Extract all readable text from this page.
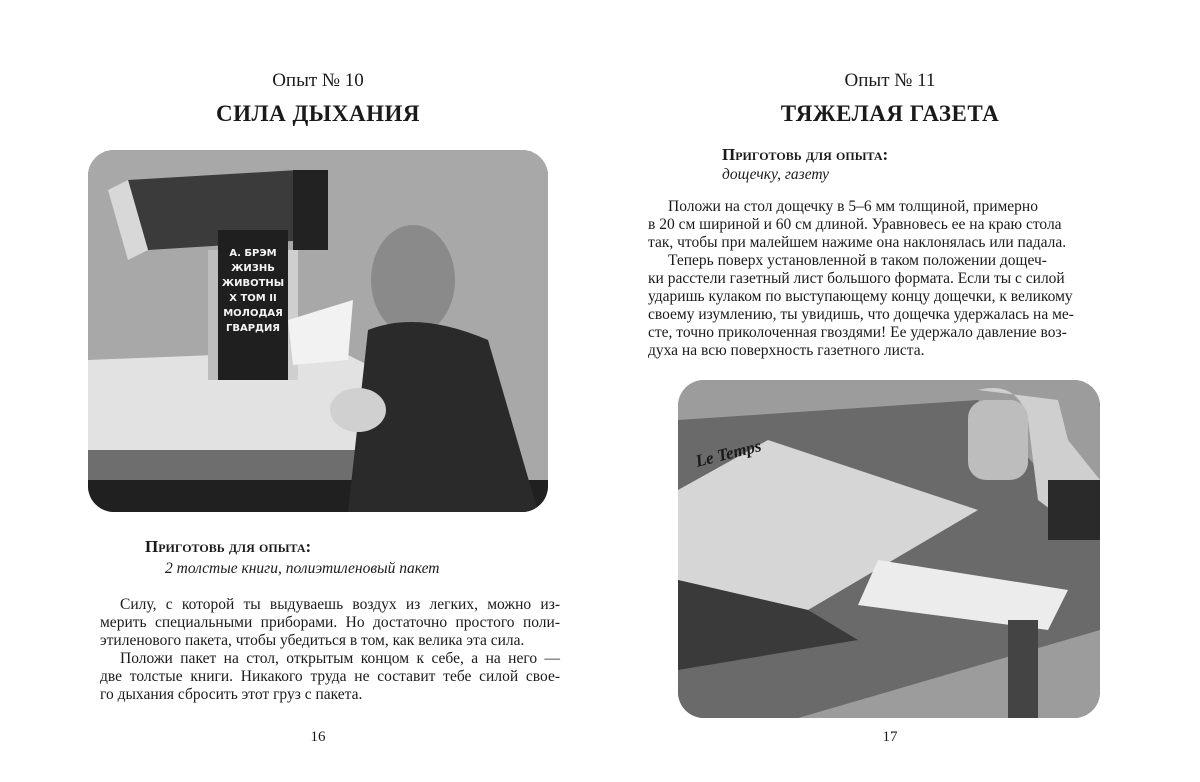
Опыт № 10
СИЛА ДЫХАНИЯ
А. БРЭМ ЖИЗНЬ ЖИВОТНЫХ ТОМ II МОЛОДАЯ ГВАРДИЯ
Приготовь для опыта:
2 толстые книги, полиэтиленовый пакет
Силу, с которой ты выдуваешь воздух из легких, можно из-
мерить специальными приборами. Но достаточно простого поли-
этиленового пакета, чтобы убедиться в том, как велика эта сила.
Положи пакет на стол, открытым концом к себе, а на него —
две толстые книги. Никакого труда не составит тебе силой свое-
го дыхания сбросить этот груз с пакета.
16
Опыт № 11
ТЯЖЕЛАЯ ГАЗЕТА
Приготовь для опыта:
дощечку, газету
Положи на стол дощечку в 5–6 мм толщиной, примерно
в 20 см шириной и 60 см длиной. Уравновесь ее на краю стола
так, чтобы при малейшем нажиме она наклонялась или падала.
Теперь поверх установленной в таком положении дощеч-
ки расстели газетный лист большого формата. Если ты с силой
ударишь кулаком по выступающему концу дощечки, к великому
своему изумлению, ты увидишь, что дощечка удержалась на ме-
сте, точно приколоченная гвоздями! Ее удержало давление воз-
духа на всю поверхность газетного листа.
Le Temps
17
